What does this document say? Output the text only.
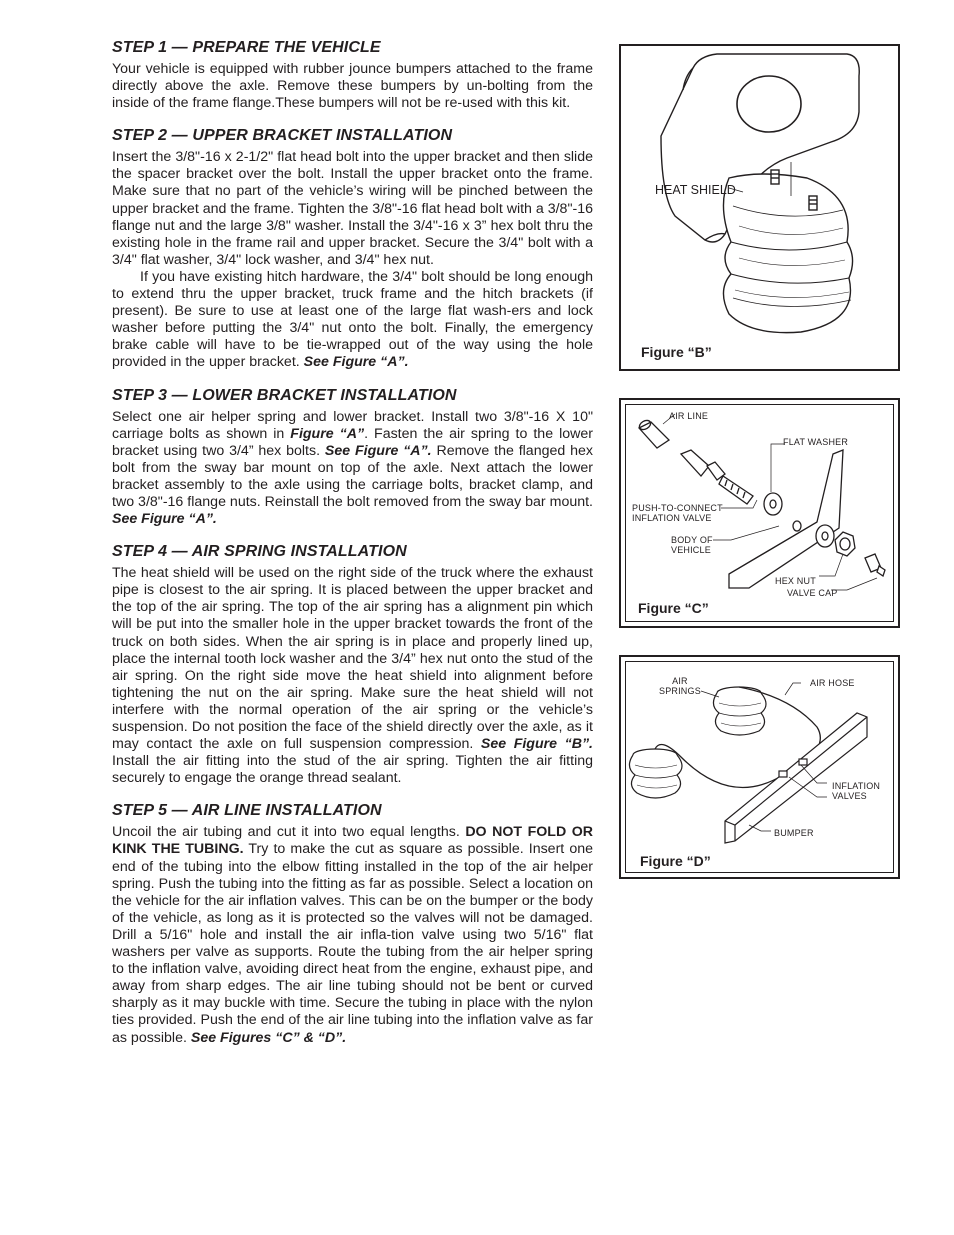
STEP 1 — PREPARE THE VEHICLE

Your vehicle is equipped with rubber jounce bumpers attached to the frame directly above the axle. Remove these bumpers by un-bolting from the inside of the frame flange.These bumpers will not be re-used with this kit.

STEP 2 — UPPER BRACKET INSTALLATION

Insert the 3/8"-16 x 2-1/2" flat head bolt into the upper bracket and then slide the spacer bracket over the bolt. Install the upper bracket onto the frame. Make sure that no part of the vehicle’s wiring will be pinched between the upper bracket and the frame. Tighten the 3/8"-16 flat head bolt with a 3/8"-16 flange nut and the large 3/8" washer. Install the 3/4"-16 x 3” hex bolt thru the existing hole in the frame rail and upper bracket. Secure the 3/4" bolt with a 3/4" flat washer, 3/4" lock washer, and 3/4" hex nut.

If you have existing hitch hardware, the 3/4" bolt should be long enough to extend thru the upper bracket, truck frame and the hitch brackets (if present). Be sure to use at least one of the large flat wash-ers and lock washer before putting the 3/4" nut onto the bolt. Finally, the emergency brake cable will have to be tie-wrapped out of the way using the hole provided in the upper bracket. See Figure “A”.

STEP 3 — LOWER BRACKET INSTALLATION

Select one air helper spring and lower bracket. Install two 3/8"-16 X 10" carriage bolts as shown in Figure “A”. Fasten the air spring to the lower bracket using two 3/4” hex bolts. See Figure “A”. Remove the flanged hex bolt from the sway bar mount on top of the axle. Next attach the lower bracket assembly to the axle using the carriage bolts, bracket clamp, and two 3/8"-16 flange nuts. Reinstall the bolt removed from the sway bar mount. See Figure “A”.

STEP 4 — AIR SPRING INSTALLATION

The heat shield will be used on the right side of the truck where the exhaust pipe is closest to the air spring. It is placed between the upper bracket and the top of the air spring. The top of the air spring has a alignment pin which will be put into the smaller hole in the upper bracket towards the front of the truck on both sides. When the air spring is in place and properly lined up, place the internal tooth lock washer and the 3/4” hex nut onto the stud of the air spring. On the right side move the heat shield into alignment before tightening the nut on the air spring. Make sure the heat shield will not interfere with the normal operation of the air spring or the vehicle’s suspension. Do not position the face of the shield directly over the axle, as it may contact the axle on full suspension compression. See Figure “B”. Install the air fitting into the stud of the air spring. Tighten the air fitting securely to engage the orange thread sealant.

STEP 5 — AIR LINE INSTALLATION

Uncoil the air tubing and cut it into two equal lengths. DO NOT FOLD OR KINK THE TUBING. Try to make the cut as square as possible. Insert one end of the tubing into the elbow fitting installed in the top of the air helper spring. Push the tubing into the fitting as far as possible. Select a location on the vehicle for the air inflation valves. This can be on the bumper or the body of the vehicle, as long as it is protected so the valves will not be damaged. Drill a 5/16" hole and install the air infla-tion valve using two 5/16" flat washers per valve as supports. Route the tubing from the air helper spring to the inflation valve, avoiding direct heat from the engine, exhaust pipe, and away from sharp edges. The air line tubing should not be bent or curved sharply as it may buckle with time. Secure the tubing in place with the nylon ties provided. Push the end of the air line tubing into the inflation valve as far as possible. See Figures “C” & “D”.

HEAT SHIELD
Figure “B”
AIR LINE
FLAT WASHER
PUSH-TO-CONNECT
INFLATION VALVE
BODY OF
VEHICLE
HEX NUT
VALVE CAP
Figure “C”
AIR
SPRINGS
AIR HOSE
INFLATION
VALVES
BUMPER
Figure “D”
